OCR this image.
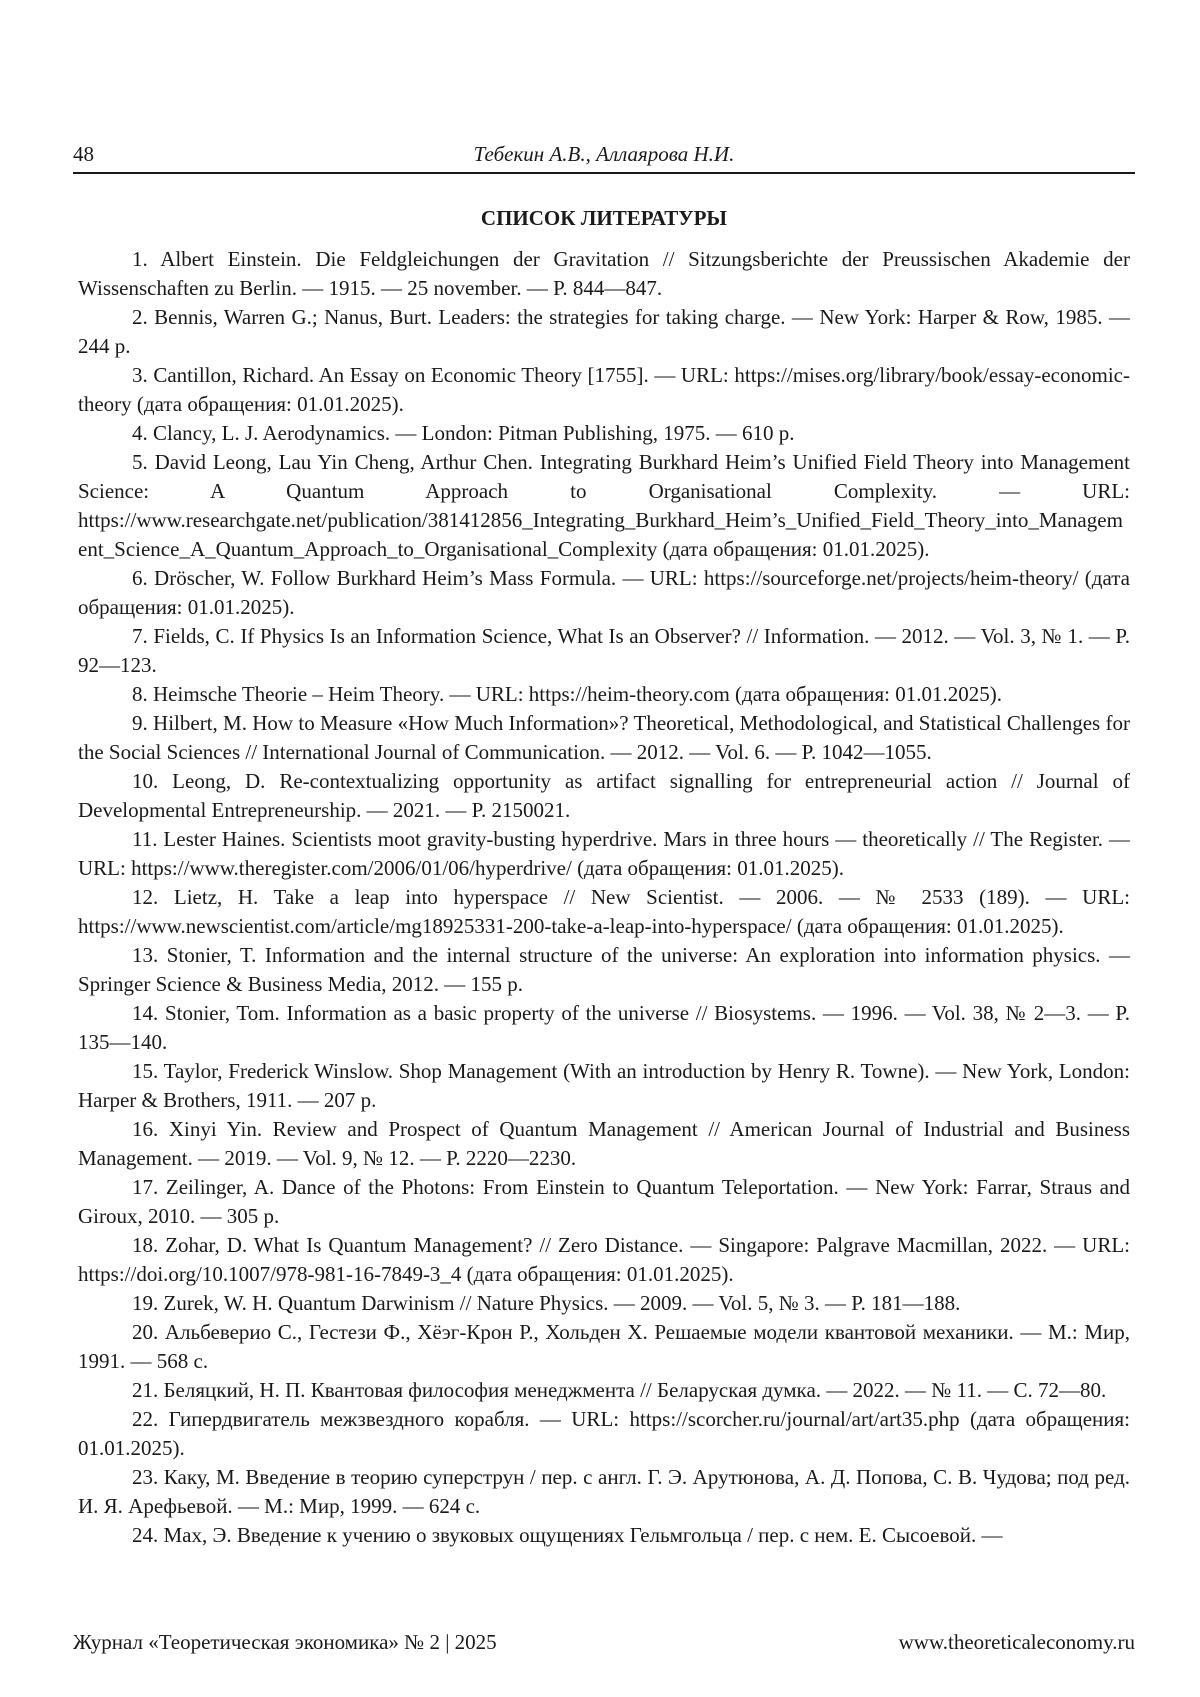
48	Тебекин А.В., Аллаярова Н.И.
СПИСОК ЛИТЕРАТУРЫ

1. Albert Einstein. Die Feldgleichungen der Gravitation // Sitzungsberichte der Preussischen Akademie der Wissenschaften zu Berlin. — 1915. — 25 november. — P. 844—847.

2. Bennis, Warren G.; Nanus, Burt. Leaders: the strategies for taking charge. — New York: Harper & Row, 1985. — 244 p.

3. Cantillon, Richard. An Essay on Economic Theory [1755]. — URL: https://mises.org/library/book/essay-economic-theory (дата обращения: 01.01.2025).

4. Clancy, L. J. Aerodynamics. — London: Pitman Publishing, 1975. — 610 p.

5. David Leong, Lau Yin Cheng, Arthur Chen. Integrating Burkhard Heim’s Unified Field Theory into Management Science: A Quantum Approach to Organisational Complexity. — URL: https://www.researchgate.net/publication/381412856_Integrating_Burkhard_Heim’s_Unified_Field_Theory_into_Management_Science_A_Quantum_Approach_to_Organisational_Complexity (дата обращения: 01.01.2025).

6. Dröscher, W. Follow Burkhard Heim’s Mass Formula. — URL: https://sourceforge.net/projects/heim-theory/ (дата обращения: 01.01.2025).

7. Fields, C. If Physics Is an Information Science, What Is an Observer? // Information. — 2012. — Vol. 3, № 1. — P. 92—123.

8. Heimsche Theorie – Heim Theory. — URL: https://heim-theory.com (дата обращения: 01.01.2025).

9. Hilbert, M. How to Measure «How Much Information»? Theoretical, Methodological, and Statistical Challenges for the Social Sciences // International Journal of Communication. — 2012. — Vol. 6. — P. 1042—1055.

10. Leong, D. Re-contextualizing opportunity as artifact signalling for entrepreneurial action // Journal of Developmental Entrepreneurship. — 2021. — P. 2150021.

11. Lester Haines. Scientists moot gravity-busting hyperdrive. Mars in three hours — theoretically // The Register. — URL: https://www.theregister.com/2006/01/06/hyperdrive/ (дата обращения: 01.01.2025).

12. Lietz, H. Take a leap into hyperspace // New Scientist. — 2006. — № 2533 (189). — URL: https://www.newscientist.com/article/mg18925331-200-take-a-leap-into-hyperspace/ (дата обращения: 01.01.2025).

13. Stonier, T. Information and the internal structure of the universe: An exploration into information physics. — Springer Science & Business Media, 2012. — 155 p.

14. Stonier, Tom. Information as a basic property of the universe // Biosystems. — 1996. — Vol. 38, № 2—3. — P. 135—140.

15. Taylor, Frederick Winslow. Shop Management (With an introduction by Henry R. Towne). — New York, London: Harper & Brothers, 1911. — 207 p.

16. Xinyi Yin. Review and Prospect of Quantum Management // American Journal of Industrial and Business Management. — 2019. — Vol. 9, № 12. — P. 2220—2230.

17. Zeilinger, A. Dance of the Photons: From Einstein to Quantum Teleportation. — New York: Farrar, Straus and Giroux, 2010. — 305 p.

18. Zohar, D. What Is Quantum Management? // Zero Distance. — Singapore: Palgrave Macmillan, 2022. — URL: https://doi.org/10.1007/978-981-16-7849-3_4 (дата обращения: 01.01.2025).

19. Zurek, W. H. Quantum Darwinism // Nature Physics. — 2009. — Vol. 5, № 3. — P. 181—188.

20. Альбеверио С., Гестези Ф., Хёэг-Крон Р., Хольден Х. Решаемые модели квантовой механики. — М.: Мир, 1991. — 568 с.

21. Беляцкий, Н. П. Квантовая философия менеджмента // Беларуская думка. — 2022. — № 11. — С. 72—80.

22. Гипердвигатель межзвездного корабля. — URL: https://scorcher.ru/journal/art/art35.php (дата обращения: 01.01.2025).

23. Каку, М. Введение в теорию суперструн / пер. с англ. Г. Э. Арутюнова, А. Д. Попова, С. В. Чудова; под ред. И. Я. Арефьевой. — М.: Мир, 1999. — 624 с.

24. Мах, Э. Введение к учению о звуковых ощущениях Гельмгольца / пер. с нем. Е. Сысоевой. —

Журнал «Теоретическая экономика» № 2 | 2025	www.theoreticaleconomy.ru
